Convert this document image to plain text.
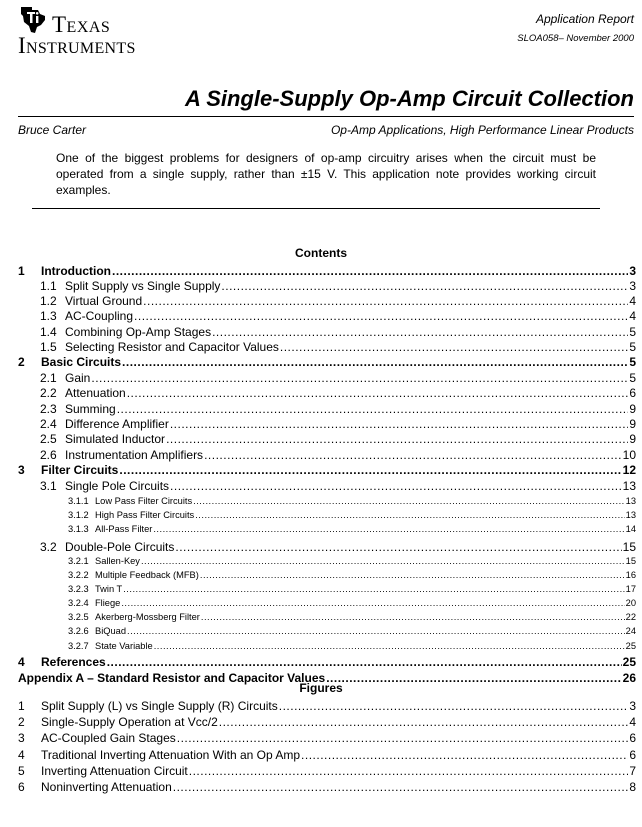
Texas
Instruments
Application Report
SLOA058– November 2000
A Single-Supply Op-Amp Circuit Collection
Bruce Carter	Op-Amp Applications, High Performance Linear Products
One of the biggest problems for designers of op-amp circuitry arises when the circuit must be operated from a single supply, rather than ±15 V. This application note provides working circuit examples.
Contents
1	Introduction .....	3
1.1 Split Supply vs Single Supply .....	3
1.2 Virtual Ground .....	4
1.3 AC-Coupling .....	4
1.4 Combining Op-Amp Stages .....	5
1.5 Selecting Resistor and Capacitor Values .....	5
2	Basic Circuits .....	5
2.1 Gain .....	5
2.2 Attenuation .....	6
2.3 Summing .....	9
2.4 Difference Amplifier .....	9
2.5 Simulated Inductor .....	9
2.6 Instrumentation Amplifiers .....	10
3	Filter Circuits .....	12
3.1 Single Pole Circuits .....	13
3.1.1 Low Pass Filter Circuits .....	13
3.1.2 High Pass Filter Circuits .....	13
3.1.3 All-Pass Filter .....	14
3.2 Double-Pole Circuits .....	15
3.2.1 Sallen-Key .....	15
3.2.2 Multiple Feedback (MFB) .....	16
3.2.3 Twin T .....	17
3.2.4 Fliege .....	20
3.2.5 Akerberg-Mossberg Filter .....	22
3.2.6 BiQuad .....	24
3.2.7 State Variable .....	25
4	References .....	25
Appendix A – Standard Resistor and Capacitor Values .....	26
Figures
1	Split Supply (L) vs Single Supply (R) Circuits .....	3
2	Single-Supply Operation at Vcc/2 .....	4
3	AC-Coupled Gain Stages .....	6
4	Traditional Inverting Attenuation With an Op Amp .....	6
5	Inverting Attenuation Circuit .....	7
6	Noninverting Attenuation .....	8
